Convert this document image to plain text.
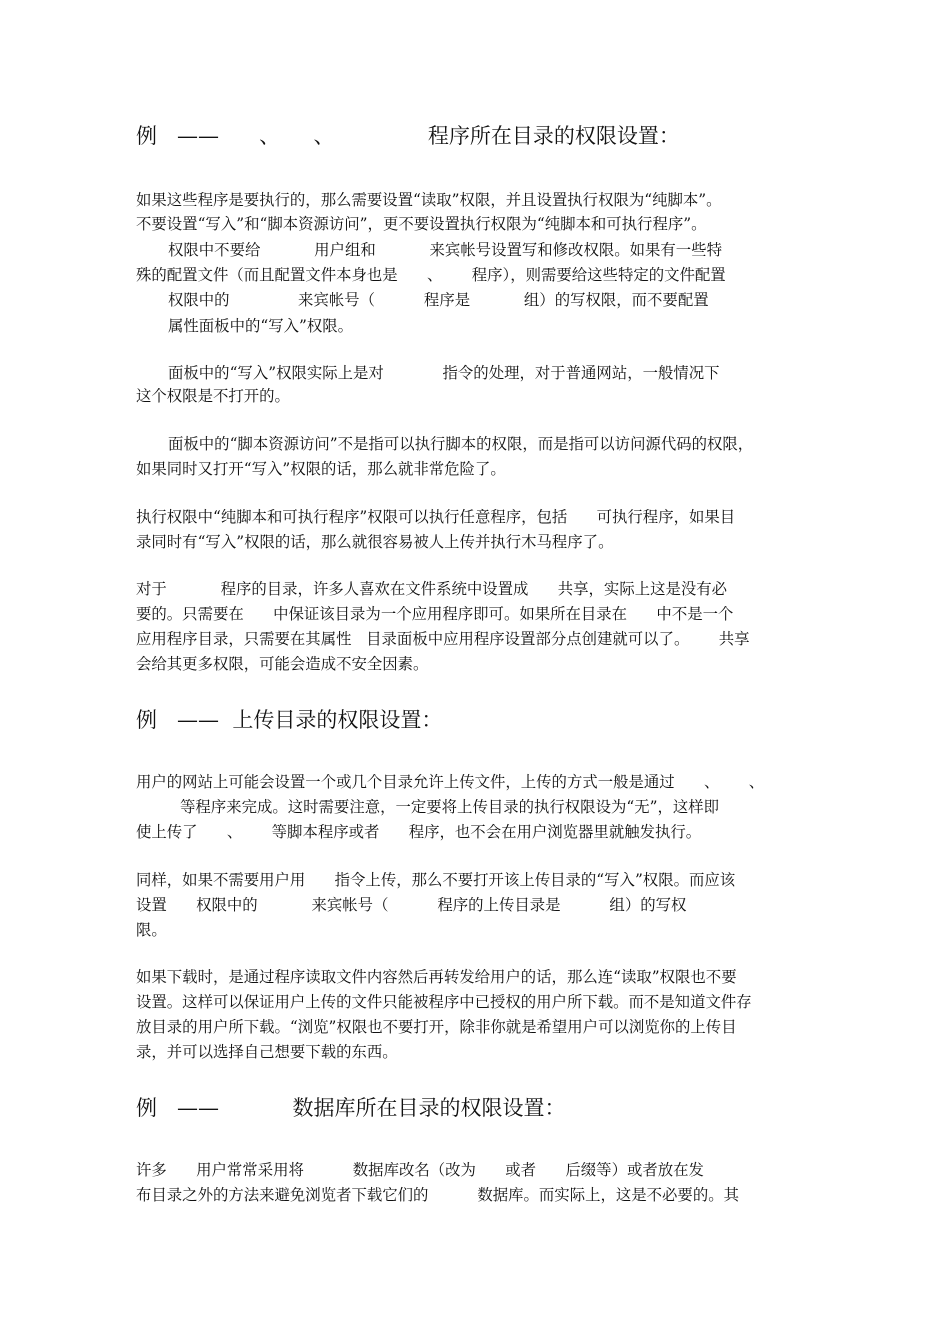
例   ——      、     、              程序所在目录的权限设置：

如果这些程序是要执行的，那么需要设置“读取”权限，并且设置执行权限为“纯脚本”。

不要设置“写入”和“脚本资源访问”，更不要设置执行权限为“纯脚本和可执行程序”。

权限中不要给           用户组和           来宾帐号设置写和修改权限。如果有一些特

殊的配置文件（而且配置文件本身也是      、      程序），则需要给这些特定的文件配置

权限中的              来宾帐号（          程序是           组）的写权限，而不要配置

属性面板中的“写入”权限。

面板中的“写入”权限实际上是对            指令的处理，对于普通网站，一般情况下

这个权限是不打开的。

面板中的“脚本资源访问”不是指可以执行脚本的权限，而是指可以访问源代码的权限，

如果同时又打开“写入”权限的话，那么就非常危险了。

执行权限中“纯脚本和可执行程序”权限可以执行任意程序，包括      可执行程序，如果目

录同时有“写入”权限的话，那么就很容易被人上传并执行木马程序了。

对于           程序的目录，许多人喜欢在文件系统中设置成      共享，实际上这是没有必

要的。只需要在      中保证该目录为一个应用程序即可。如果所在目录在      中不是一个

应用程序目录，只需要在其属性   目录面板中应用程序设置部分点创建就可以了。      共享

会给其更多权限，可能会造成不安全因素。

例   ——  上传目录的权限设置：

用户的网站上可能会设置一个或几个目录允许上传文件，上传的方式一般是通过      、      、

等程序来完成。这时需要注意，一定要将上传目录的执行权限设为“无”，这样即

使上传了      、      等脚本程序或者      程序，也不会在用户浏览器里就触发执行。

同样，如果不需要用户用      指令上传，那么不要打开该上传目录的“写入”权限。而应该

设置      权限中的           来宾帐号（          程序的上传目录是          组）的写权

限。

如果下载时，是通过程序读取文件内容然后再转发给用户的话，那么连“读取”权限也不要

设置。这样可以保证用户上传的文件只能被程序中已授权的用户所下载。而不是知道文件存

放目录的用户所下载。“浏览”权限也不要打开，除非你就是希望用户可以浏览你的上传目

录，并可以选择自己想要下载的东西。

例   ——           数据库所在目录的权限设置：

许多      用户常常采用将          数据库改名（改为      或者      后缀等）或者放在发

布目录之外的方法来避免浏览者下载它们的          数据库。而实际上，这是不必要的。其
